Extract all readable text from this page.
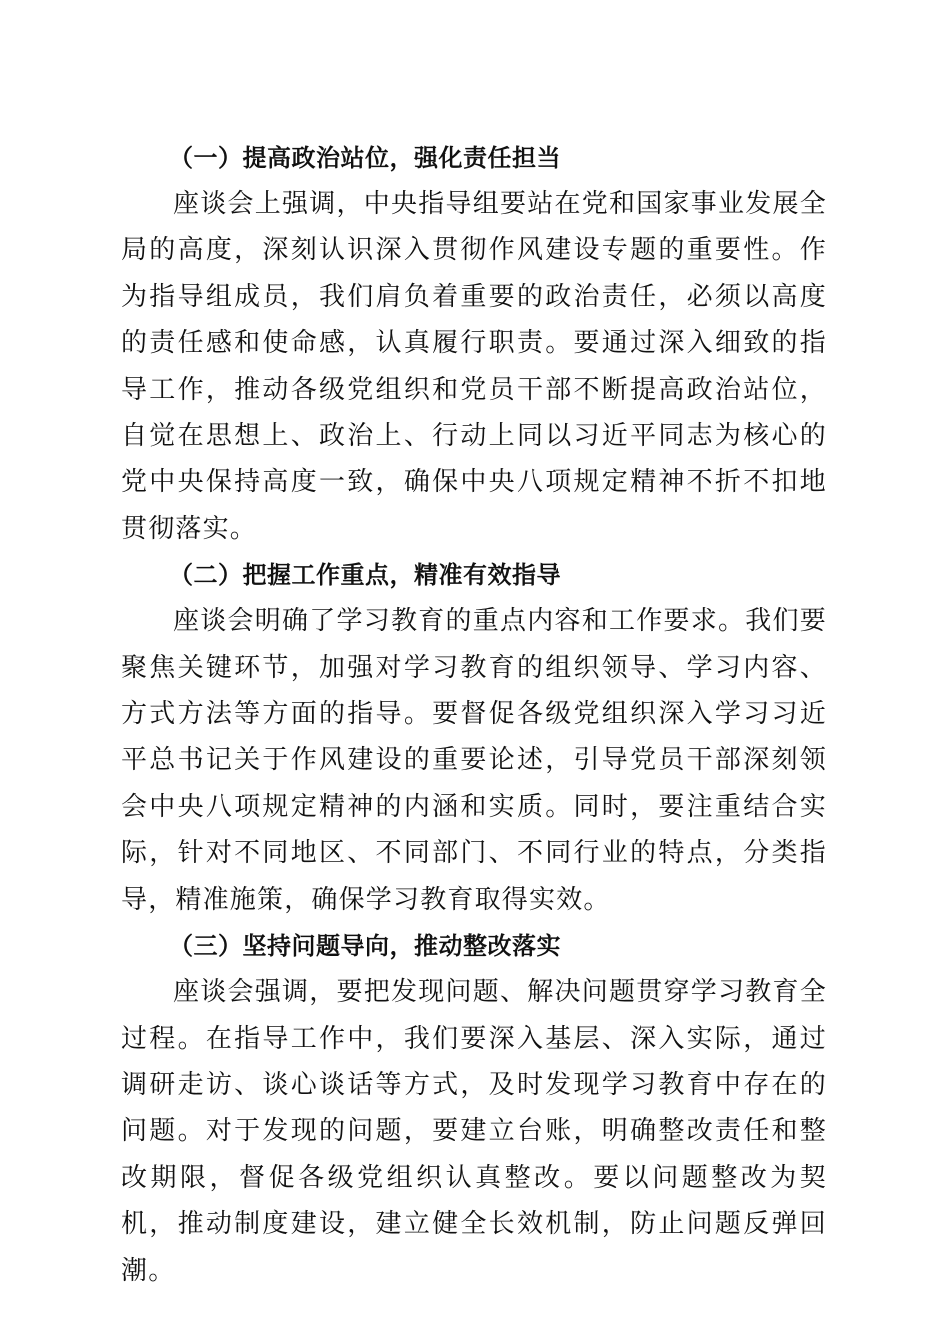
（一）提高政治站位，强化责任担当

座谈会上强调，中央指导组要站在党和国家事业发展全局的高度，深刻认识深入贯彻作风建设专题的重要性。作为指导组成员，我们肩负着重要的政治责任，必须以高度的责任感和使命感，认真履行职责。要通过深入细致的指导工作，推动各级党组织和党员干部不断提高政治站位，自觉在思想上、政治上、行动上同以习近平同志为核心的党中央保持高度一致，确保中央八项规定精神不折不扣地贯彻落实。

（二）把握工作重点，精准有效指导

座谈会明确了学习教育的重点内容和工作要求。我们要聚焦关键环节，加强对学习教育的组织领导、学习内容、方式方法等方面的指导。要督促各级党组织深入学习习近平总书记关于作风建设的重要论述，引导党员干部深刻领会中央八项规定精神的内涵和实质。同时，要注重结合实际，针对不同地区、不同部门、不同行业的特点，分类指导，精准施策，确保学习教育取得实效。

（三）坚持问题导向，推动整改落实

座谈会强调，要把发现问题、解决问题贯穿学习教育全过程。在指导工作中，我们要深入基层、深入实际，通过调研走访、谈心谈话等方式，及时发现学习教育中存在的问题。对于发现的问题，要建立台账，明确整改责任和整改期限，督促各级党组织认真整改。要以问题整改为契机，推动制度建设，建立健全长效机制，防止问题反弹回潮。
